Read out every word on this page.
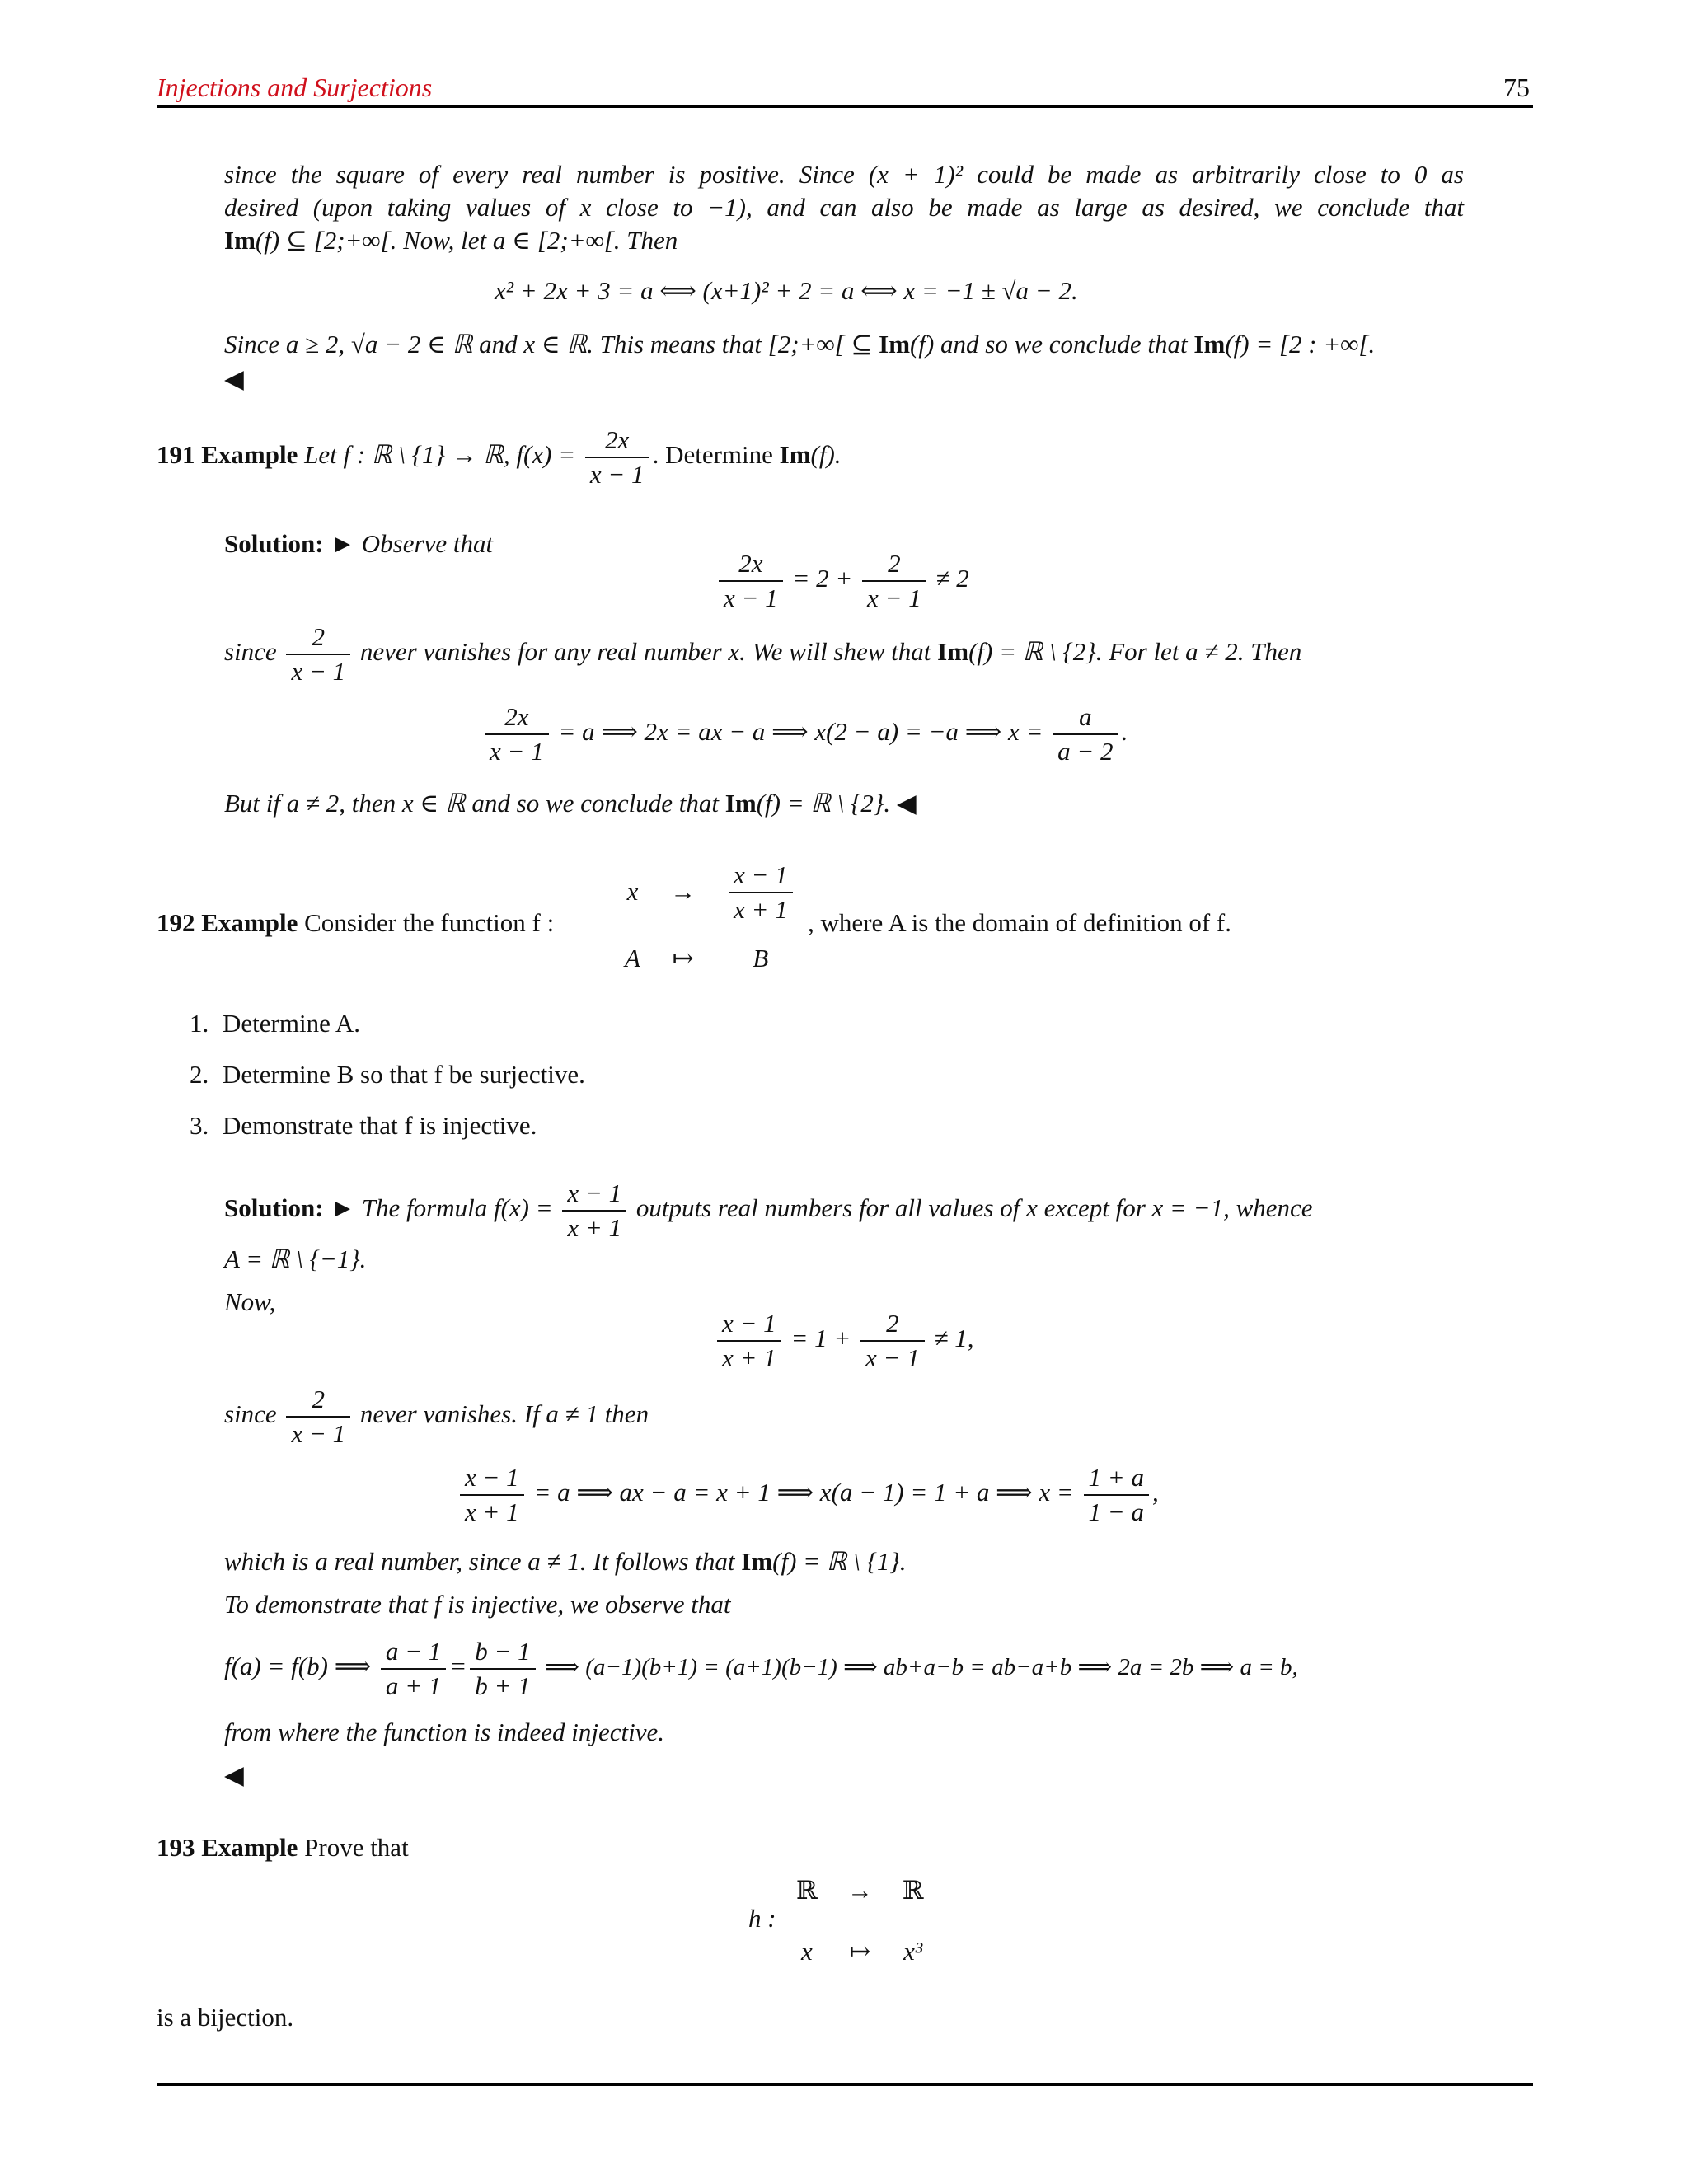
Injections and Surjections	75
since the square of every real number is positive. Since (x + 1)² could be made as arbitrarily close to 0 as
desired (upon taking values of x close to −1), and can also be made as large as desired, we conclude that
Im(f) ⊆ [2;+∞[. Now, let a ∈ [2;+∞[. Then
x² + 2x + 3 = a ⟺ (x+1)² + 2 = a ⟺ x = −1 ± √a − 2.
Since a ≥ 2, √a − 2 ∈ ℝ and x ∈ ℝ. This means that [2;+∞[ ⊆ Im(f) and so we conclude that Im(f) = [2 : +∞[.
◀
191 Example Let f : ℝ \ {1} → ℝ, $f(x) = \frac{2x}{x - 1}$ . Determine Im(f).
Solution: ► Observe that
$\frac{2x}{x - 1} = 2 + \frac{2}{x - 1} \ne 2$
since $\frac{2}{x - 1}$ never vanishes for any real number x. We will shew that Im(f) = ℝ \ {2}. For let a ≠ 2. Then
$\frac{2x}{x - 1} = a$ ⟹ 2x = ax − a ⟹ x(2 − a) = −a ⟹ $x = \frac{a}{a - 2}$ .
But if a ≠ 2, then x ∈ ℝ and so we conclude that Im(f) = ℝ \ {2}. ◀
192 Example Consider the function f :
x	→	$\frac{x - 1}{x + 1}$

A	↦	B
, where A is the domain of definition of f.
1. Determine A.
2. Determine B so that f be surjective.
3. Demonstrate that f is injective.
Solution: ► The formula $f(x) = \frac{x - 1}{x + 1}$ outputs real numbers for all values of x except for x = −1, whence
A = ℝ \ {−1}.
Now,
$\frac{x - 1}{x + 1} = 1 + \frac{2}{x - 1} \ne 1$,
since $\frac{2}{x - 1}$ never vanishes. If a ≠ 1 then
$\frac{x - 1}{x + 1} = a$ ⟹ ax − a = x + 1 ⟹ x(a − 1) = 1 + a ⟹ $x = \frac{1 + a}{1 - a}$ ,
which is a real number, since a ≠ 1. It follows that Im(f) = ℝ \ {1}.
To demonstrate that f is injective, we observe that
f(a) = f(b) ⟹ $\frac{a - 1}{a + 1} = \frac{b - 1}{b + 1}$ ⟹ (a−1)(b+1) = (a+1)(b−1) ⟹ ab+a−b = ab−a+b ⟹ 2a = 2b ⟹ a = b,
from where the function is indeed injective.
◀
193 Example Prove that
h :
ℝ	→	ℝ
x	↦	x³
is a bijection.
